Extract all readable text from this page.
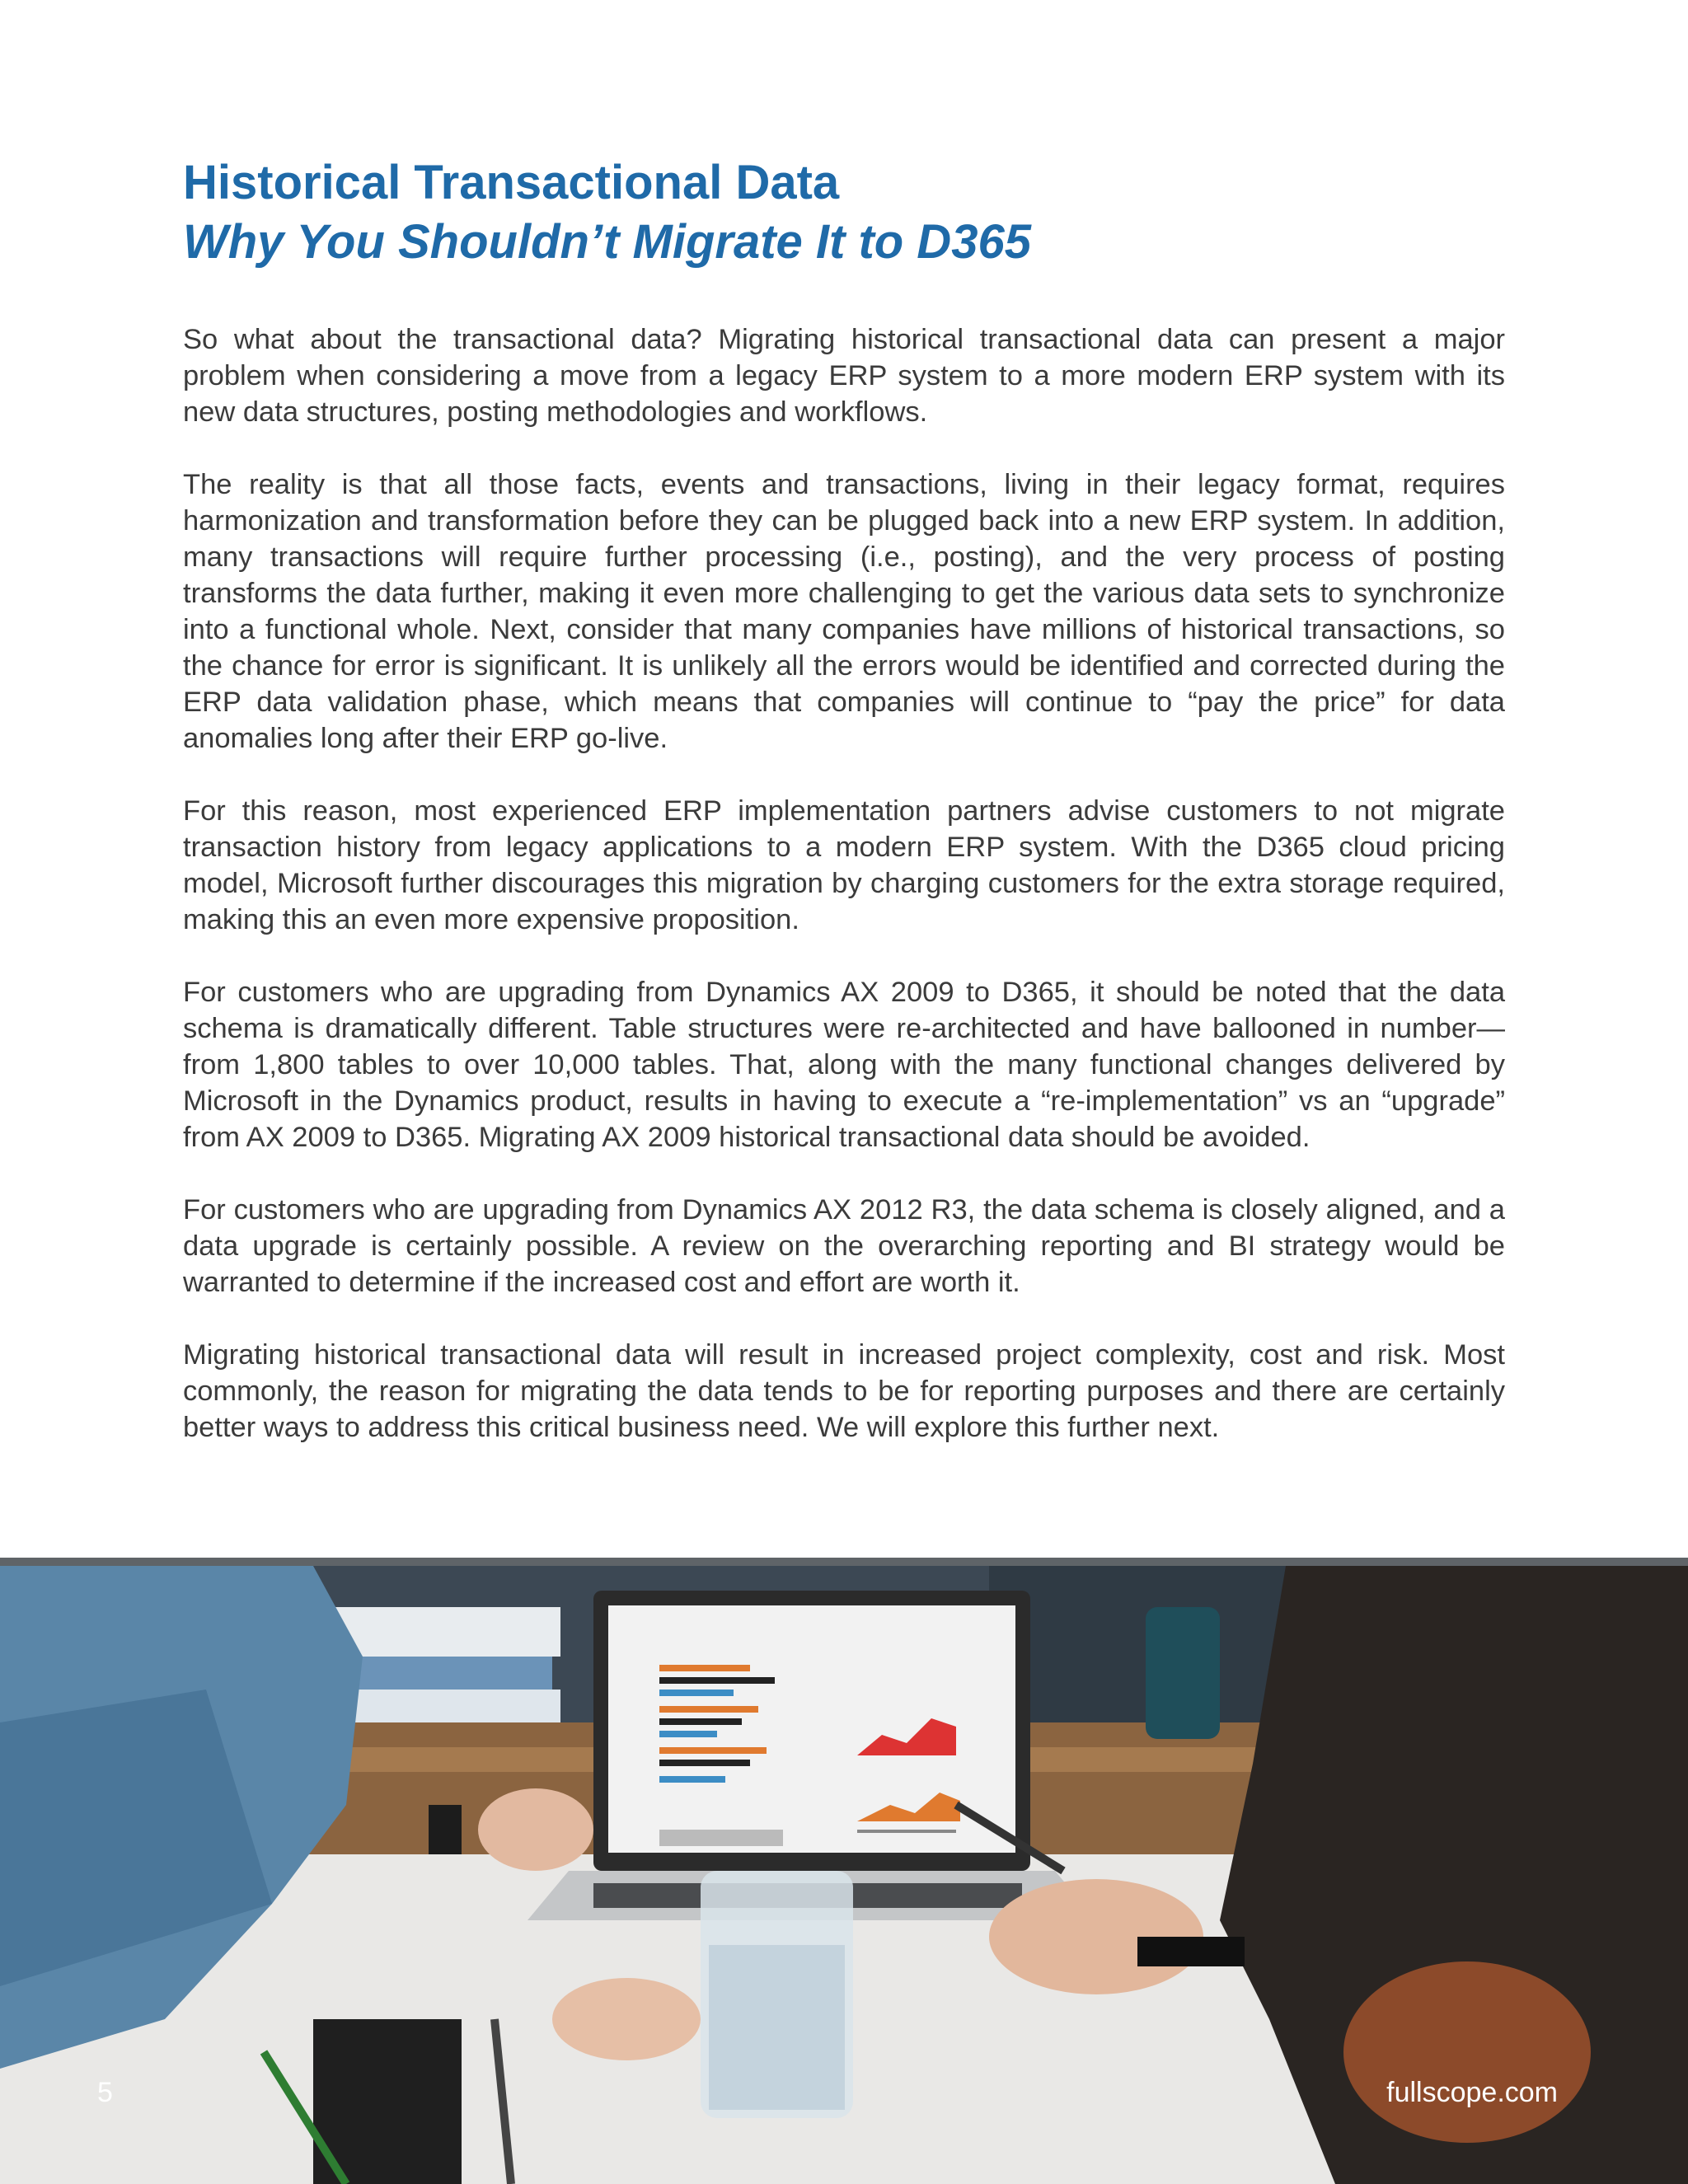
Historical Transactional Data
Why You Shouldn’t Migrate It to D365

So what about the transactional data? Migrating historical transactional data can present a major problem when considering a move from a legacy ERP system to a more modern ERP system with its new data structures, posting methodologies and workflows.

The reality is that all those facts, events and transactions, living in their legacy format, requires harmonization and transformation before they can be plugged back into a new ERP system. In addition, many transactions will require further processing (i.e., posting), and the very process of posting transforms the data further, making it even more challenging to get the various data sets to synchronize into a functional whole. Next, consider that many companies have millions of historical transactions, so the chance for error is significant. It is unlikely all the errors would be identified and corrected during the ERP data validation phase, which means that companies will continue to “pay the price” for data anomalies long after their ERP go-live.

For this reason, most experienced ERP implementation partners advise customers to not migrate transaction history from legacy applications to a modern ERP system. With the D365 cloud pricing model, Microsoft further discourages this migration by charging customers for the extra storage required, making this an even more expensive proposition.

For customers who are upgrading from Dynamics AX 2009 to D365, it should be noted that the data schema is dramatically different. Table structures were re-architected and have ballooned in number—from 1,800 tables to over 10,000 tables. That, along with the many functional changes delivered by Microsoft in the Dynamics product, results in having to execute a “re-implementation” vs an “upgrade” from AX 2009 to D365. Migrating AX 2009 historical transactional data should be avoided.

For customers who are upgrading from Dynamics AX 2012 R3, the data schema is closely aligned, and a data upgrade is certainly possible. A review on the overarching reporting and BI strategy would be warranted to determine if the increased cost and effort are worth it.

Migrating historical transactional data will result in increased project complexity, cost and risk. Most commonly, the reason for migrating the data tends to be for reporting purposes and there are certainly better ways to address this critical business need. We will explore this further next.

5	fullscope.com
